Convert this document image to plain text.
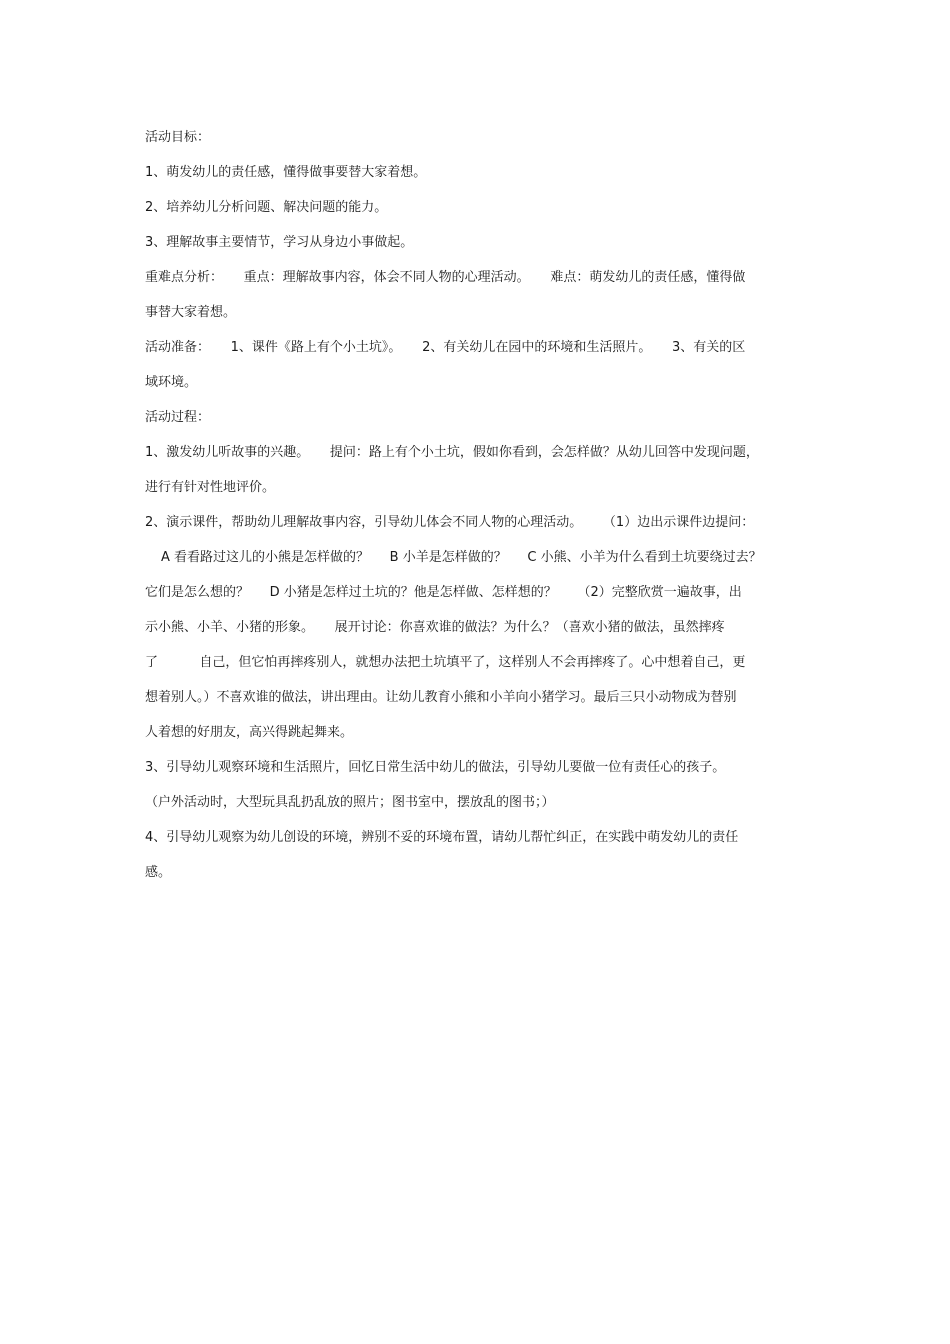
活动目标：
1、萌发幼儿的责任感，懂得做事要替大家着想。
2、培养幼儿分析问题、解决问题的能力。
3、理解故事主要情节，学习从身边小事做起。
重难点分析：     重点：理解故事内容，体会不同人物的心理活动。     难点：萌发幼儿的责任感，懂得做
事替大家着想。
活动准备：     1、课件《路上有个小土坑》。     2、有关幼儿在园中的环境和生活照片。     3、有关的区
域环境。
活动过程：
1、激发幼儿听故事的兴趣。     提问：路上有个小土坑，假如你看到，会怎样做？从幼儿回答中发现问题，
进行有针对性地评价。
2、演示课件，帮助幼儿理解故事内容，引导幼儿体会不同人物的心理活动。     （1）边出示课件边提问：
A 看看路过这儿的小熊是怎样做的？     B 小羊是怎样做的？     C 小熊、小羊为什么看到土坑要绕过去？
它们是怎么想的？     D 小猪是怎样过土坑的？他是怎样做、怎样想的？     （2）完整欣赏一遍故事，出
示小熊、小羊、小猪的形象。     展开讨论：你喜欢谁的做法？为什么？（喜欢小猪的做法，虽然摔疼
了          自己，但它怕再摔疼别人，就想办法把土坑填平了，这样别人不会再摔疼了。心中想着自己，更
想着别人。）不喜欢谁的做法，讲出理由。让幼儿教育小熊和小羊向小猪学习。最后三只小动物成为替别
人着想的好朋友，高兴得跳起舞来。
3、引导幼儿观察环境和生活照片，回忆日常生活中幼儿的做法，引导幼儿要做一位有责任心的孩子。
（户外活动时，大型玩具乱扔乱放的照片；图书室中，摆放乱的图书；）
4、引导幼儿观察为幼儿创设的环境，辨别不妥的环境布置，请幼儿帮忙纠正，在实践中萌发幼儿的责任
感。
